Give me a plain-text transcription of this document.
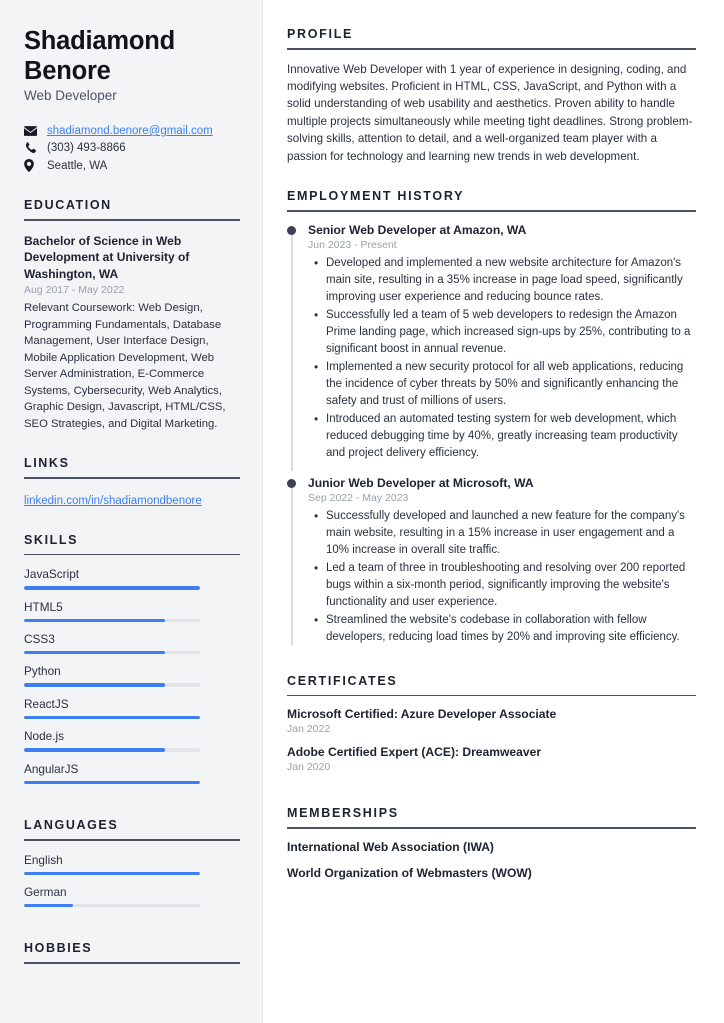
Shadiamond Benore
Web Developer
shadiamond.benore@gmail.com
(303) 493-8866
Seattle, WA
EDUCATION
Bachelor of Science in Web Development at University of Washington, WA
Aug 2017 - May 2022
Relevant Coursework: Web Design, Programming Fundamentals, Database Management, User Interface Design, Mobile Application Development, Web Server Administration, E-Commerce Systems, Cybersecurity, Web Analytics, Graphic Design, Javascript, HTML/CSS, SEO Strategies, and Digital Marketing.
LINKS
linkedin.com/in/shadiamondbenore
SKILLS
JavaScript
HTML5
CSS3
Python
ReactJS
Node.js
AngularJS
LANGUAGES
English
German
HOBBIES
PROFILE
Innovative Web Developer with 1 year of experience in designing, coding, and modifying websites. Proficient in HTML, CSS, JavaScript, and Python with a solid understanding of web usability and aesthetics. Proven ability to handle multiple projects simultaneously while meeting tight deadlines. Strong problem-solving skills, attention to detail, and a well-organized team player with a passion for technology and learning new trends in web development.
EMPLOYMENT HISTORY
Senior Web Developer at Amazon, WA
Jun 2023 - Present
• Developed and implemented a new website architecture for Amazon's main site, resulting in a 35% increase in page load speed, significantly improving user experience and reducing bounce rates.
• Successfully led a team of 5 web developers to redesign the Amazon Prime landing page, which increased sign-ups by 25%, contributing to a significant boost in annual revenue.
• Implemented a new security protocol for all web applications, reducing the incidence of cyber threats by 50% and significantly enhancing the safety and trust of millions of users.
• Introduced an automated testing system for web development, which reduced debugging time by 40%, greatly increasing team productivity and project delivery efficiency.
Junior Web Developer at Microsoft, WA
Sep 2022 - May 2023
• Successfully developed and launched a new feature for the company's main website, resulting in a 15% increase in user engagement and a 10% increase in overall site traffic.
• Led a team of three in troubleshooting and resolving over 200 reported bugs within a six-month period, significantly improving the website's functionality and user experience.
• Streamlined the website's codebase in collaboration with fellow developers, reducing load times by 20% and improving site efficiency.
CERTIFICATES
Microsoft Certified: Azure Developer Associate
Jan 2022
Adobe Certified Expert (ACE): Dreamweaver
Jan 2020
MEMBERSHIPS
International Web Association (IWA)
World Organization of Webmasters (WOW)
